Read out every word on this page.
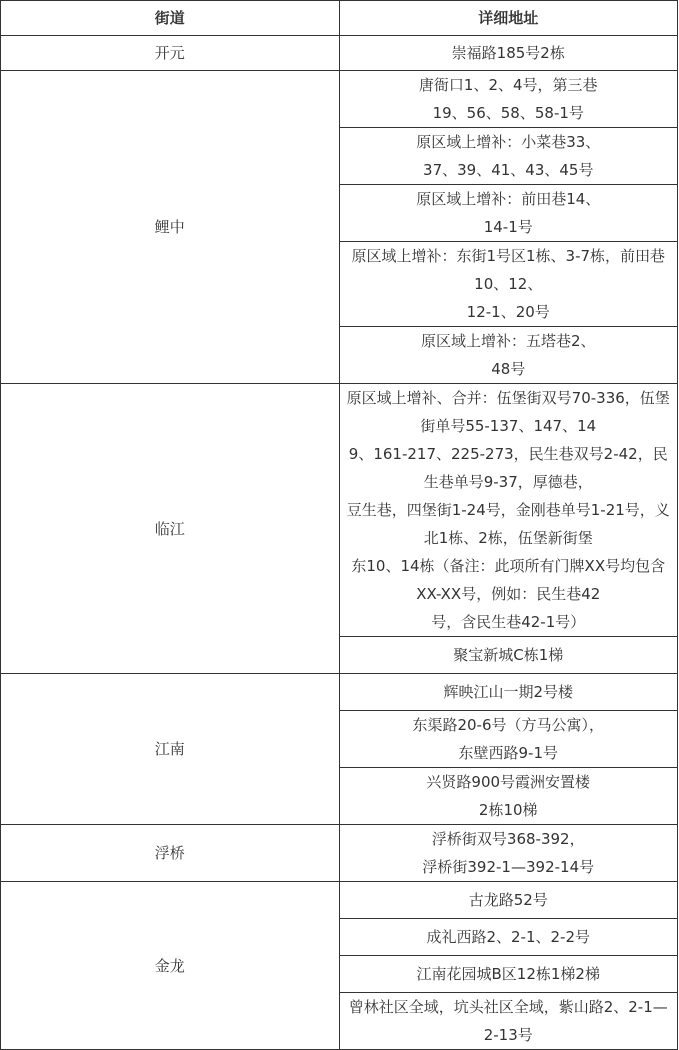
街道	详细地址
开元	崇福路185号2栋

鲤中	唐衙口1、2、4号，第三巷
19、56、58、58-1号

	原区域上增补：小菜巷33、
37、39、41、43、45号

	原区域上增补：前田巷14、
14-1号

	原区域上增补：东街1号区1栋、3-7栋，前田巷10、12、
12-1、20号

	原区域上增补：五塔巷2、
48号

临江	原区域上增补、合并：伍堡街双号70-336，伍堡街单号55-137、147、14
9、161-217、225-273，民生巷双号2-42，民生巷单号9-37，厚德巷，
豆生巷，四堡街1-24号，金刚巷单号1-21号，义北1栋、2栋，伍堡新街堡
东10、14栋（备注：此项所有门牌XX号均包含XX-XX号，例如：民生巷42
号，含民生巷42-1号）

	聚宝新城C栋1梯

江南	辉映江山一期2号楼

	东渠路20-6号（方马公寓），
东壁西路9-1号

	兴贤路900号霞洲安置楼
2栋10梯

浮桥	浮桥街双号368-392，
浮桥街392-1—392-14号

金龙	古龙路52号

	成礼西路2、2-1、2-2号

	江南花园城B区12栋1梯2梯

	曾林社区全域，坑头社区全域，紫山路2、2-1—2-13号
